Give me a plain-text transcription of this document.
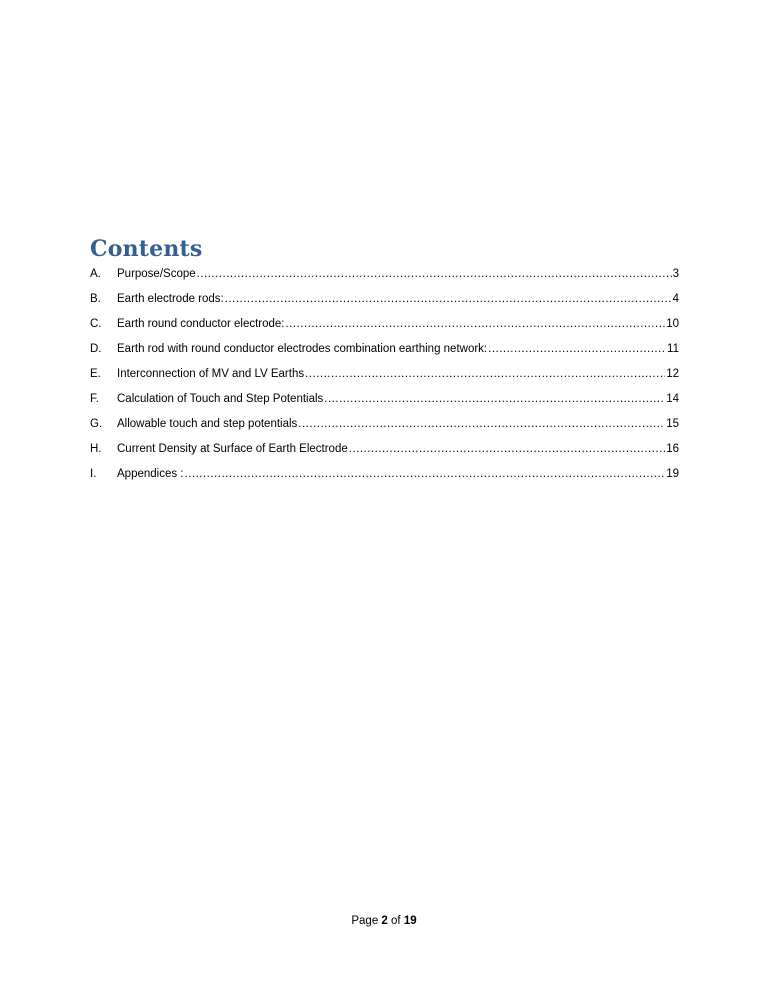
Contents
A.	Purpose/Scope .....	3
B.	Earth electrode rods: .....	4
C.	Earth round conductor electrode: .....	10
D.	Earth rod with round conductor electrodes combination earthing network: .....	11
E.	Interconnection of MV and LV Earths .....	12
F.	Calculation of Touch and Step Potentials .....	14
G.	Allowable touch and step potentials .....	15
H.	Current Density at Surface of Earth Electrode .....	16
I.	Appendices : .....	19

Page 2 of 19
